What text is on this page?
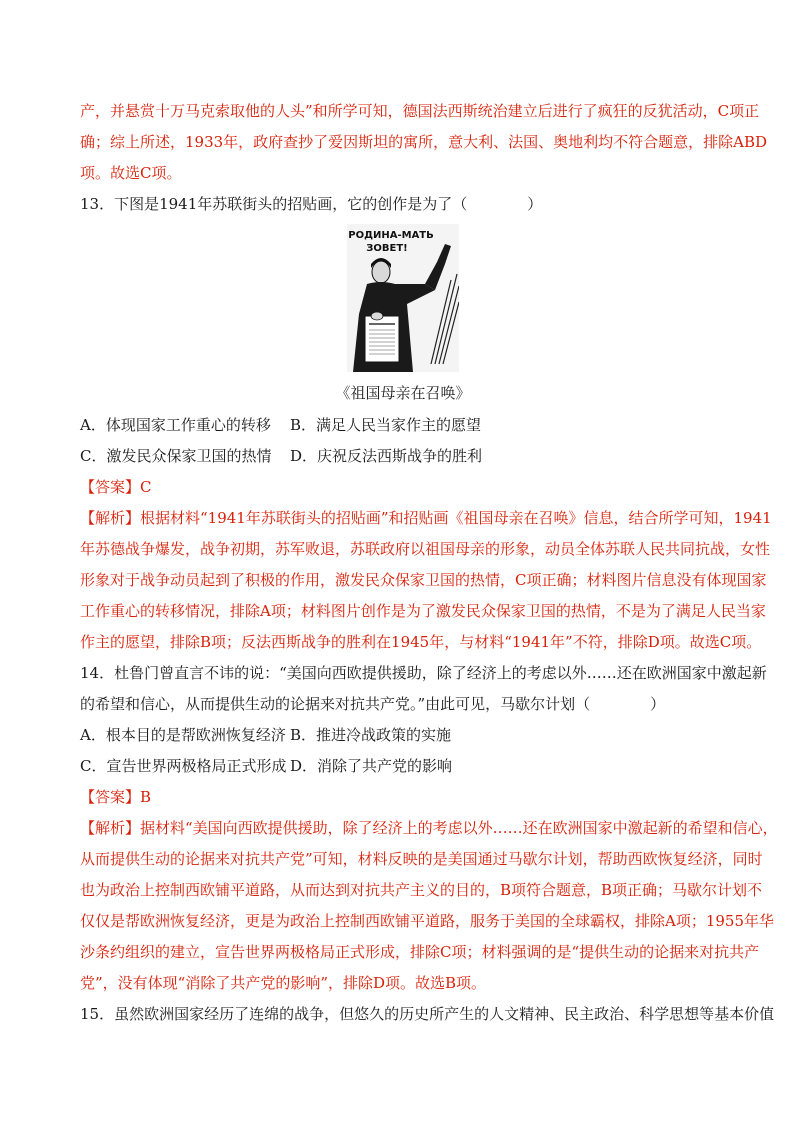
产，并悬赏十万马克索取他的人头”和所学可知，德国法西斯统治建立后进行了疯狂的反犹活动，C项正
确；综上所述，1933年，政府查抄了爱因斯坦的寓所，意大利、法国、奥地利均不符合题意，排除ABD
项。故选C项。
13．下图是1941年苏联街头的招贴画，它的创作是为了（　　　　）
РОДИНА-МАТЬ
ЗОВЕТ!
《祖国母亲在召唤》
A．体现国家工作重心的转移	B．满足人民当家作主的愿望
C．激发民众保家卫国的热情	D．庆祝反法西斯战争的胜利
【答案】C
【解析】根据材料“1941年苏联街头的招贴画”和招贴画《祖国母亲在召唤》信息，结合所学可知，1941
年苏德战争爆发，战争初期，苏军败退，苏联政府以祖国母亲的形象，动员全体苏联人民共同抗战，女性
形象对于战争动员起到了积极的作用，激发民众保家卫国的热情，C项正确；材料图片信息没有体现国家
工作重心的转移情况，排除A项；材料图片创作是为了激发民众保家卫国的热情，不是为了满足人民当家
作主的愿望，排除B项；反法西斯战争的胜利在1945年，与材料“1941年”不符，排除D项。故选C项。
14．杜鲁门曾直言不讳的说：“美国向西欧提供援助，除了经济上的考虑以外……还在欧洲国家中激起新
的希望和信心，从而提供生动的论据来对抗共产党。”由此可见，马歇尔计划（　　　　）
A．根本目的是帮欧洲恢复经济 B．推进冷战政策的实施
C．宣告世界两极格局正式形成 D．消除了共产党的影响
【答案】B
【解析】据材料“美国向西欧提供援助，除了经济上的考虑以外……还在欧洲国家中激起新的希望和信心，
从而提供生动的论据来对抗共产党”可知，材料反映的是美国通过马歇尔计划，帮助西欧恢复经济，同时
也为政治上控制西欧铺平道路，从而达到对抗共产主义的目的，B项符合题意，B项正确；马歇尔计划不
仅仅是帮欧洲恢复经济，更是为政治上控制西欧铺平道路，服务于美国的全球霸权，排除A项；1955年华
沙条约组织的建立，宣告世界两极格局正式形成，排除C项；材料强调的是“提供生动的论据来对抗共产
党”，没有体现“消除了共产党的影响”，排除D项。故选B项。
15．虽然欧洲国家经历了连绵的战争，但悠久的历史所产生的人文精神、民主政治、科学思想等基本价值
